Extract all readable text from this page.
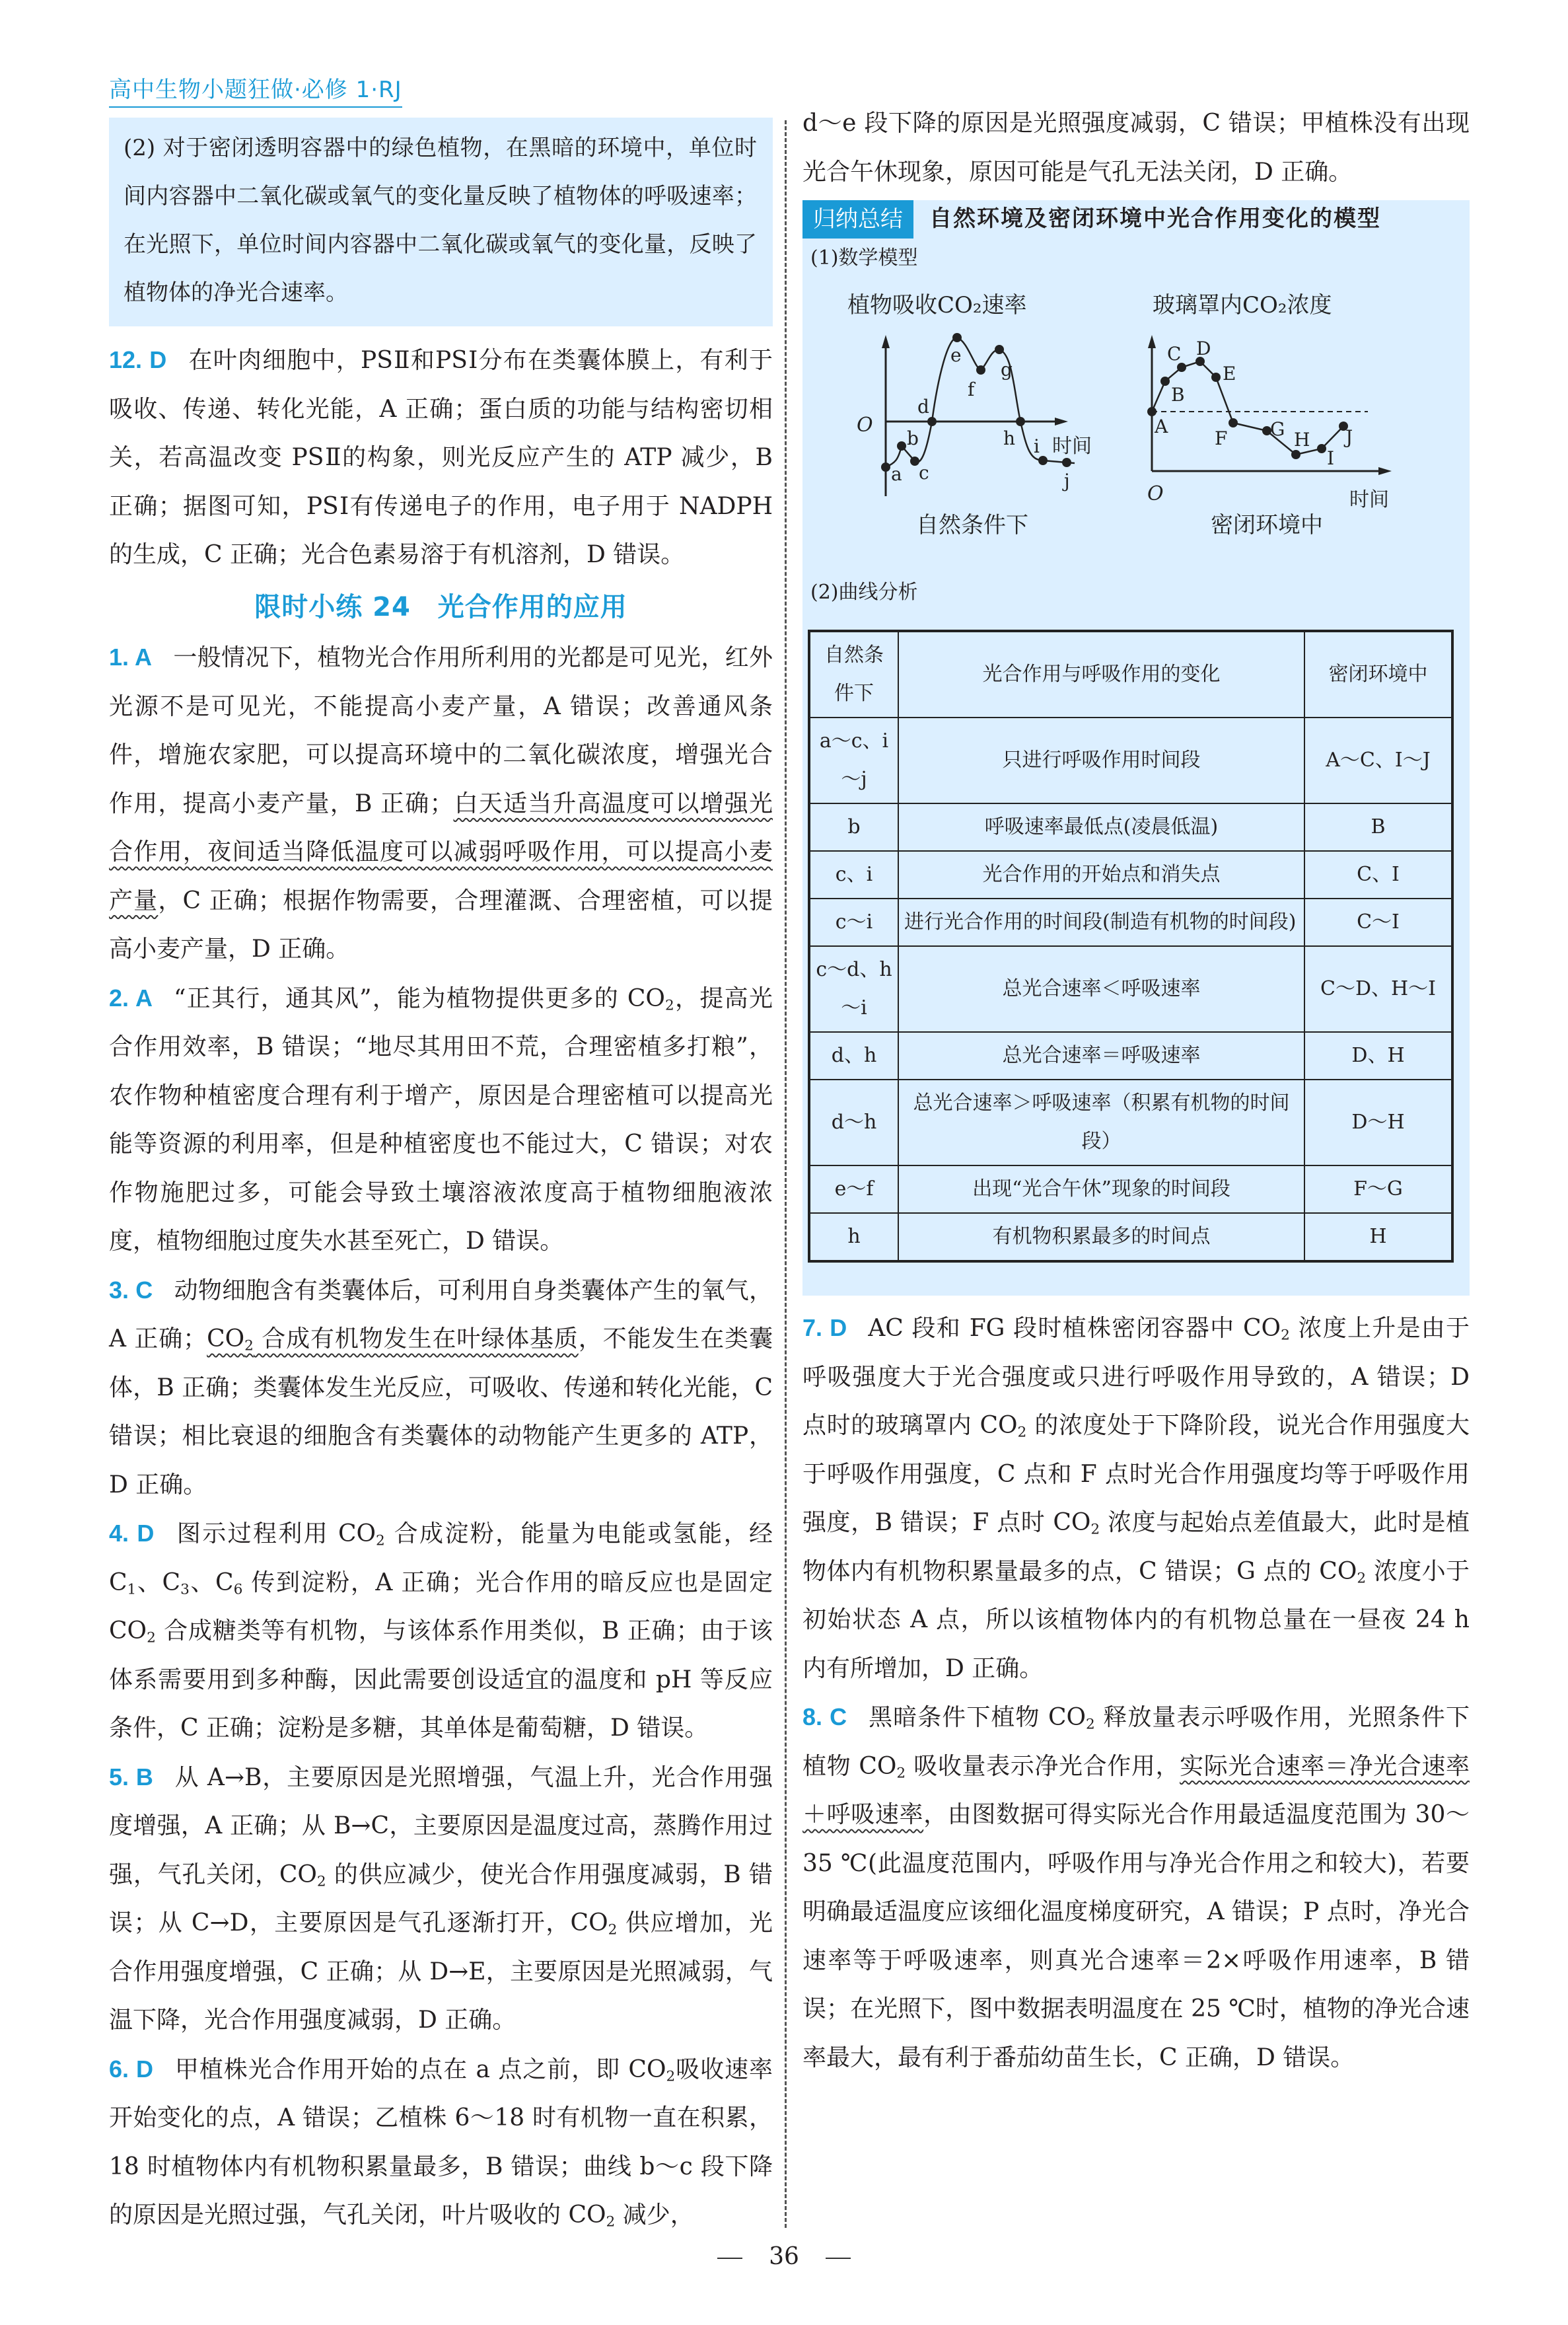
高中生物小题狂做·必修 1·RJ
(2) 对于密闭透明容器中的绿色植物，在黑暗的环境中，单位时间内容器中二氧化碳或氧气的变化量反映了植物体的呼吸速率；在光照下，单位时间内容器中二氧化碳或氧气的变化量，反映了植物体的净光合速率。

12. D 在叶肉细胞中，PSⅡ和PSⅠ分布在类囊体膜上，有利于吸收、传递、转化光能，A 正确；蛋白质的功能与结构密切相关，若高温改变 PSⅡ的构象，则光反应产生的 ATP 减少，B 正确；据图可知，PSⅠ有传递电子的作用，电子用于 NADPH 的生成，C 正确；光合色素易溶于有机溶剂，D 错误。

限时小练 24　光合作用的应用

1. A 一般情况下，植物光合作用所利用的光都是可见光，红外光源不是可见光，不能提高小麦产量，A 错误；改善通风条件，增施农家肥，可以提高环境中的二氧化碳浓度，增强光合作用，提高小麦产量，B 正确；白天适当升高温度可以增强光合作用，夜间适当降低温度可以减弱呼吸作用，可以提高小麦产量，C 正确；根据作物需要，合理灌溉、合理密植，可以提高小麦产量，D 正确。

2. A “正其行，通其风”，能为植物提供更多的 $CO_2$，提高光合作用效率，B 错误；“地尽其用田不荒，合理密植多打粮”，农作物种植密度合理有利于增产，原因是合理密植可以提高光能等资源的利用率，但是种植密度也不能过大，C 错误；对农作物施肥过多，可能会导致土壤溶液浓度高于植物细胞液浓度，植物细胞过度失水甚至死亡，D 错误。

3. C 动物细胞含有类囊体后，可利用自身类囊体产生的氧气，A 正确；$CO_2$ 合成有机物发生在叶绿体基质，不能发生在类囊体，B 正确；类囊体发生光反应，可吸收、传递和转化光能，C 错误；相比衰退的细胞含有类囊体的动物能产生更多的 ATP，D 正确。

4. D 图示过程利用 $CO_2$ 合成淀粉，能量为电能或氢能，经 $C_1$、$C_3$、$C_6$ 传到淀粉，A 正确；光合作用的暗反应也是固定 $CO_2$ 合成糖类等有机物，与该体系作用类似，B 正确；由于该体系需要用到多种酶，因此需要创设适宜的温度和 pH 等反应条件，C 正确；淀粉是多糖，其单体是葡萄糖，D 错误。

5. B 从 A→B，主要原因是光照增强，气温上升，光合作用强度增强，A 正确；从 B→C，主要原因是温度过高，蒸腾作用过强，气孔关闭，$CO_2$ 的供应减少，使光合作用强度减弱，B 错误；从 C→D，主要原因是气孔逐渐打开，$CO_2$ 供应增加，光合作用强度增强，C 正确；从 D→E，主要原因是光照减弱，气温下降，光合作用强度减弱，D 正确。

6. D 甲植株光合作用开始的点在 a 点之前，即 $CO_2$吸收速率开始变化的点，A 错误；乙植株 6～18 时有机物一直在积累，18 时植物体内有机物积累量最多，B 错误；曲线 b～c 段下降的原因是光照过强，气孔关闭，叶片吸收的 $CO_2$ 减少，

d～e 段下降的原因是光照强度减弱，C 错误；甲植株没有出现光合午休现象，原因可能是气孔无法关闭，D 正确。

归纳总结	自然环境及密闭环境中光合作用变化的模型
(1)数学模型
植物吸收CO₂速率
O
时间
a
b
c
d
e
f
g
h i
j
自然条件下
玻璃罩内CO₂浓度
O	时间
A
B
C D
E
F G H
I
J
密闭环境中
(2)曲线分析
自然条件下	光合作用与呼吸作用的变化	密闭环境中
a～c、i～j	只进行呼吸作用时间段	A～C、I～J
b	呼吸速率最低点(凌晨低温)	B
c、i	光合作用的开始点和消失点	C、I
c～i	进行光合作用的时间段(制造有机物的时间段)	C～I
c～d、h～i	总光合速率＜呼吸速率	C～D、H～I
d、h	总光合速率＝呼吸速率	D、H
d～h	总光合速率＞呼吸速率（积累有机物的时间段）	D～H
e～f	出现“光合午休”现象的时间段	F～G
h	有机物积累最多的时间点	H

7. D AC 段和 FG 段时植株密闭容器中 $CO_2$ 浓度上升是由于呼吸强度大于光合强度或只进行呼吸作用导致的，A 错误；D 点时的玻璃罩内 $CO_2$ 的浓度处于下降阶段，说光合作用强度大于呼吸作用强度，C 点和 F 点时光合作用强度均等于呼吸作用强度，B 错误；F 点时 $CO_2$ 浓度与起始点差值最大，此时是植物体内有机物积累量最多的点，C 错误；G 点的 $CO_2$ 浓度小于初始状态 A 点，所以该植物体内的有机物总量在一昼夜 24 h 内有所增加，D 正确。

8. C 黑暗条件下植物 $CO_2$ 释放量表示呼吸作用，光照条件下植物 $CO_2$ 吸收量表示净光合作用，实际光合速率＝净光合速率＋呼吸速率，由图数据可得实际光合作用最适温度范围为 30～35 ℃(此温度范围内，呼吸作用与净光合作用之和较大)，若要明确最适温度应该细化温度梯度研究，A 错误；P 点时，净光合速率等于呼吸速率，则真光合速率＝2×呼吸作用速率，B 错误；在光照下，图中数据表明温度在 25 ℃时，植物的净光合速率最大，最有利于番茄幼苗生长，C 正确，D 错误。

36
